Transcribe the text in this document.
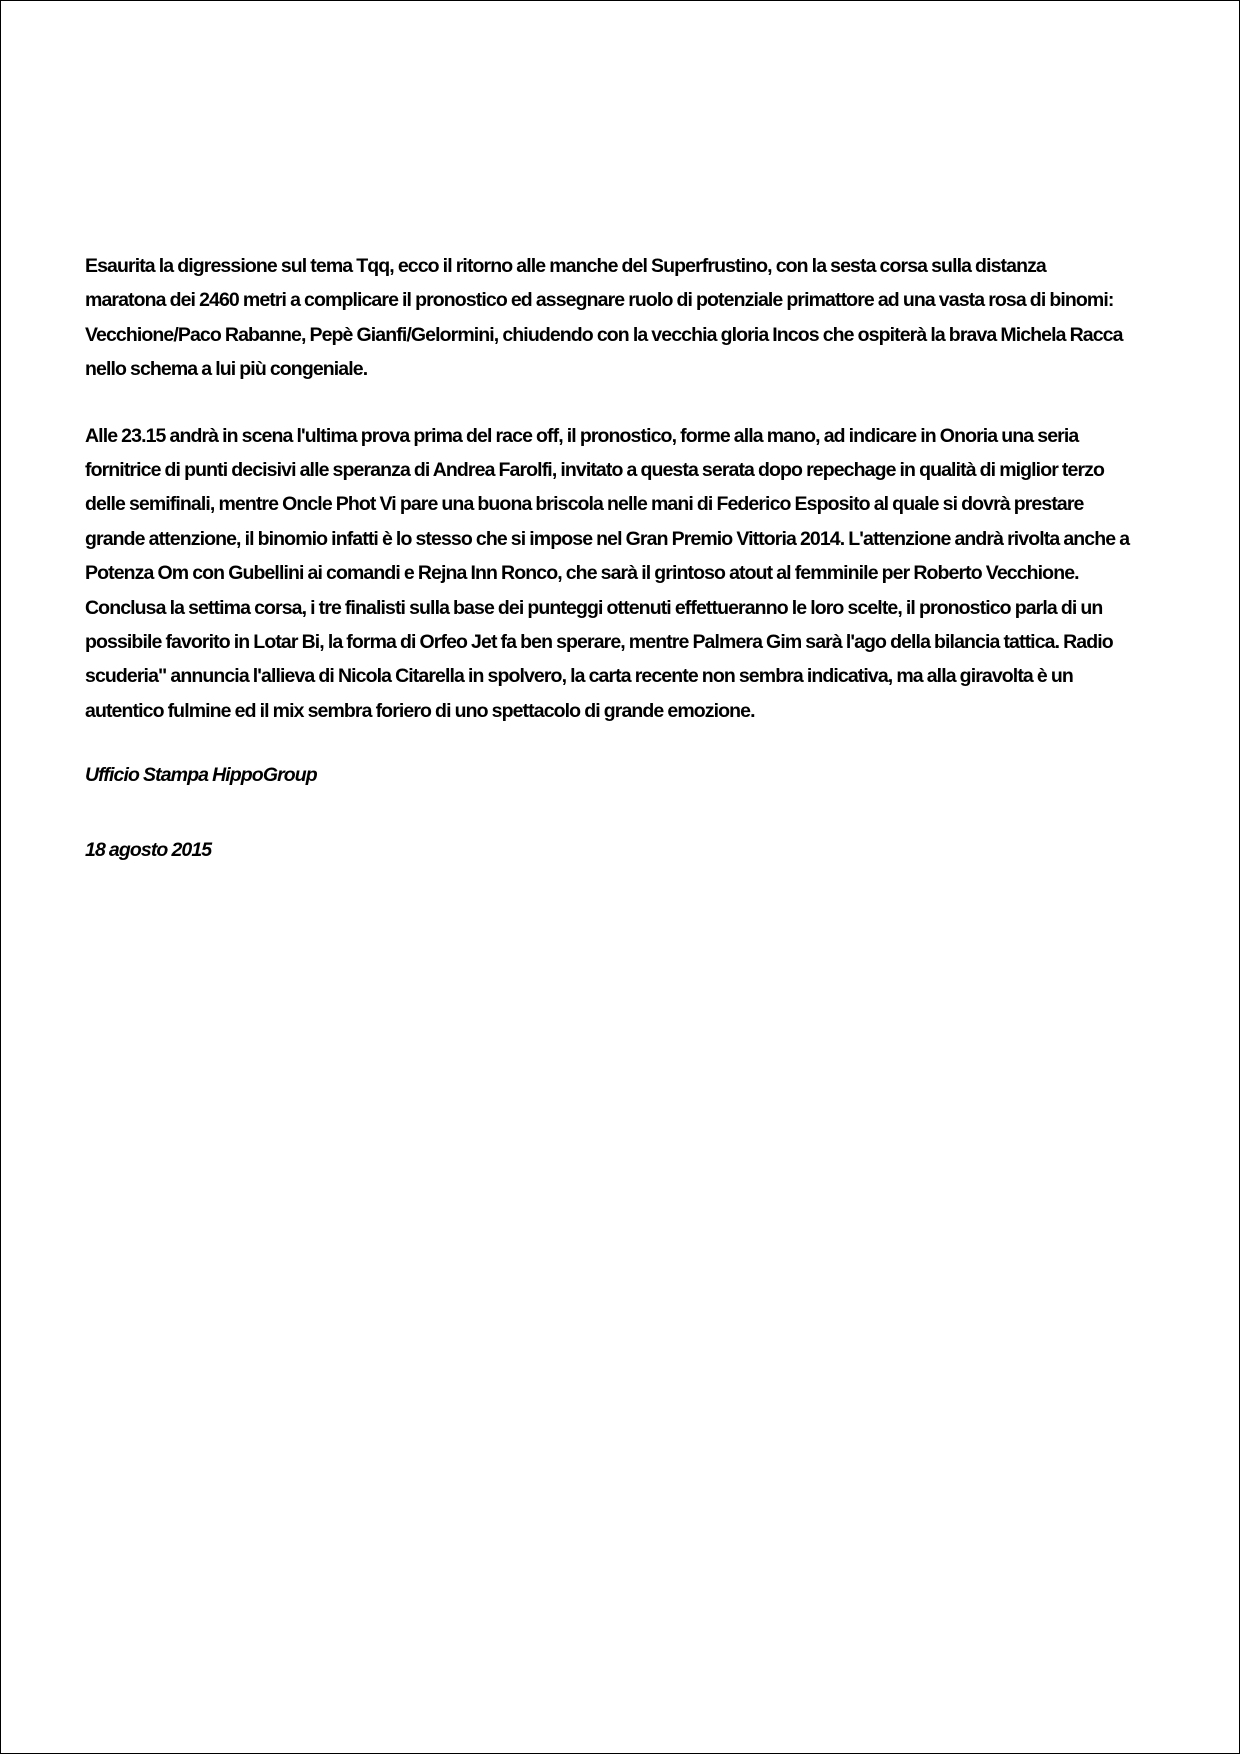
Esaurita la digressione sul tema Tqq, ecco il ritorno alle manche del Superfrustino, con la sesta corsa sulla distanza maratona dei 2460 metri a complicare il pronostico ed assegnare ruolo di potenziale primattore ad una vasta rosa di binomi: Vecchione/Paco Rabanne, Pepè Gianfi/Gelormini, chiudendo con la vecchia gloria Incos che ospiterà la brava Michela Racca nello schema a lui più congeniale.

Alle 23.15 andrà in scena l'ultima prova prima del race off, il pronostico, forme alla mano, ad indicare in Onoria una seria fornitrice di punti decisivi alle speranza di Andrea Farolfi, invitato a questa serata dopo repechage in qualità di miglior terzo delle semifinali, mentre Oncle Phot Vi pare una buona briscola nelle mani di Federico Esposito al quale si dovrà prestare grande attenzione, il binomio infatti è lo stesso che si impose nel Gran Premio Vittoria 2014. L'attenzione andrà rivolta anche a Potenza Om con Gubellini ai comandi e Rejna Inn Ronco, che sarà il grintoso atout al femminile per Roberto Vecchione. Conclusa la settima corsa, i tre finalisti sulla base dei punteggi ottenuti effettueranno le loro scelte, il pronostico parla di un possibile favorito in Lotar Bi, la forma di Orfeo Jet fa ben sperare, mentre Palmera Gim sarà l'ago della bilancia tattica. Radio scuderia" annuncia l'allieva di Nicola Citarella in spolvero, la carta recente non sembra indicativa, ma alla giravolta è un autentico fulmine ed il mix sembra foriero di uno spettacolo di grande emozione.

Ufficio Stampa HippoGroup

18 agosto 2015
